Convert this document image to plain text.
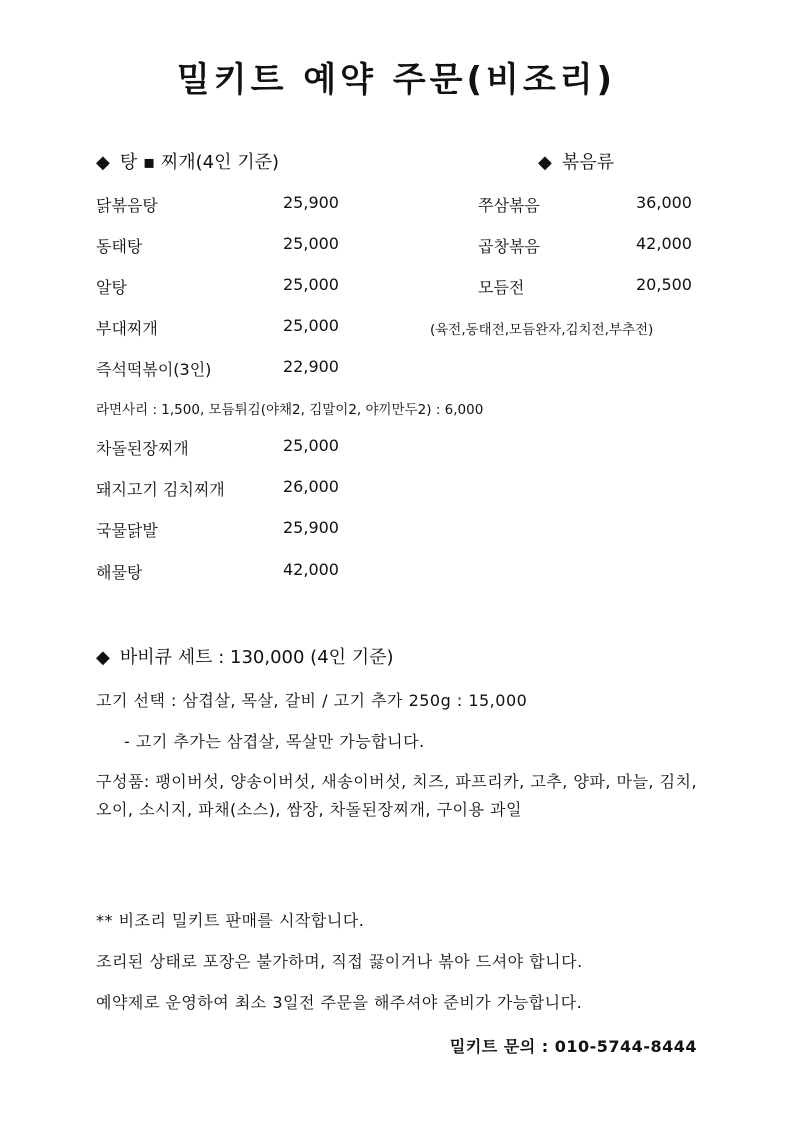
밀키트 예약 주문(비조리)
◆ 탕 ▪ 찌개(4인 기준)	◆ 볶음류
닭볶음탕	25,900
동태탕	25,000
알탕	25,000
부대찌개	25,000
즉석떡볶이(3인)	22,900
쭈삼볶음	36,000
곱창볶음	42,000
모듬전	20,500
(육전,동태전,모듬완자,김치전,부추전)
라면사리 : 1,500, 모듬튀김(야채2, 김말이2, 야끼만두2) : 6,000
차돌된장찌개	25,000
돼지고기 김치찌개	26,000
국물닭발	25,900
해물탕	42,000
◆ 바비큐 세트 : 130,000 (4인 기준)
고기 선택 : 삼겹살, 목살, 갈비 / 고기 추가 250g : 15,000
- 고기 추가는 삼겹살, 목살만 가능합니다.
구성품: 팽이버섯, 양송이버섯, 새송이버섯, 치즈, 파프리카, 고추, 양파, 마늘, 김치, 오이, 소시지, 파채(소스), 쌈장, 차돌된장찌개, 구이용 과일
** 비조리 밀키트 판매를 시작합니다.
조리된 상태로 포장은 불가하며, 직접 끓이거나 볶아 드셔야 합니다.
예약제로 운영하여 최소 3일전 주문을 해주셔야 준비가 가능합니다.
밀키트 문의 : 010-5744-8444
